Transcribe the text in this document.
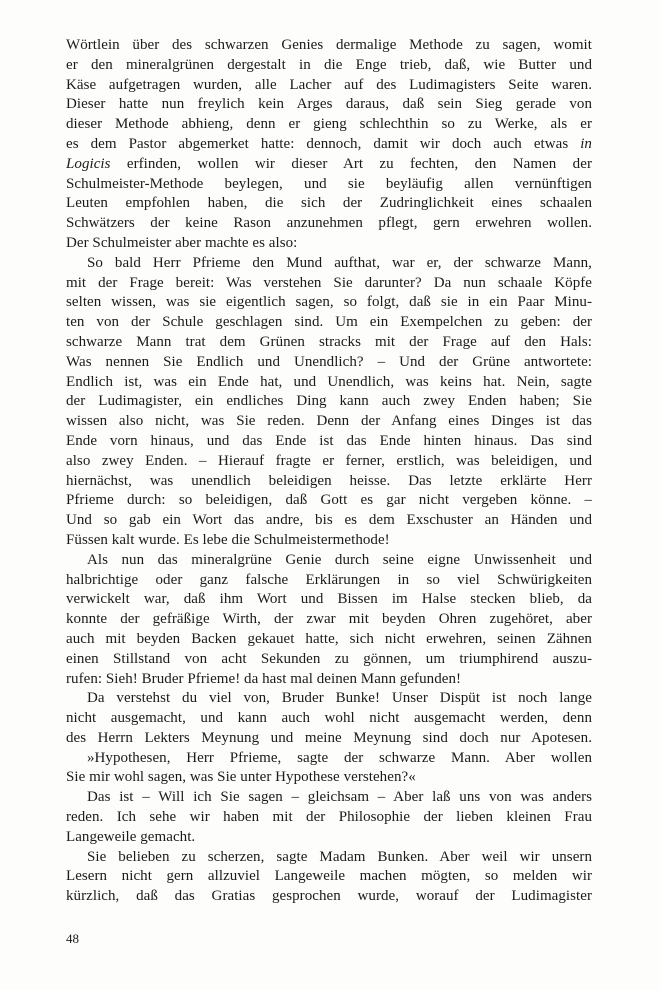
Wörtlein über des schwarzen Genies dermalige Methode zu sagen, womit
er den mineralgrünen dergestalt in die Enge trieb, daß, wie Butter und
Käse aufgetragen wurden, alle Lacher auf des Ludimagisters Seite waren.
Dieser hatte nun freylich kein Arges daraus, daß sein Sieg gerade von
dieser Methode abhieng, denn er gieng schlechthin so zu Werke, als er
es dem Pastor abgemerket hatte: dennoch, damit wir doch auch etwas in
Logicis erfinden, wollen wir dieser Art zu fechten, den Namen der
Schulmeister-Methode beylegen, und sie beyläufig allen vernünftigen
Leuten empfohlen haben, die sich der Zudringlichkeit eines schaalen
Schwätzers der keine Rason anzunehmen pflegt, gern erwehren wollen.
Der Schulmeister aber machte es also:
So bald Herr Pfrieme den Mund aufthat, war er, der schwarze Mann,
mit der Frage bereit: Was verstehen Sie darunter? Da nun schaale Köpfe
selten wissen, was sie eigentlich sagen, so folgt, daß sie in ein Paar Minu-
ten von der Schule geschlagen sind. Um ein Exempelchen zu geben: der
schwarze Mann trat dem Grünen stracks mit der Frage auf den Hals:
Was nennen Sie Endlich und Unendlich? – Und der Grüne antwortete:
Endlich ist, was ein Ende hat, und Unendlich, was keins hat. Nein, sagte
der Ludimagister, ein endliches Ding kann auch zwey Enden haben; Sie
wissen also nicht, was Sie reden. Denn der Anfang eines Dinges ist das
Ende vorn hinaus, und das Ende ist das Ende hinten hinaus. Das sind
also zwey Enden. – Hierauf fragte er ferner, erstlich, was beleidigen, und
hiernächst, was unendlich beleidigen heisse. Das letzte erklärte Herr
Pfrieme durch: so beleidigen, daß Gott es gar nicht vergeben könne. –
Und so gab ein Wort das andre, bis es dem Exschuster an Händen und
Füssen kalt wurde. Es lebe die Schulmeistermethode!
Als nun das mineralgrüne Genie durch seine eigne Unwissenheit und
halbrichtige oder ganz falsche Erklärungen in so viel Schwürigkeiten
verwickelt war, daß ihm Wort und Bissen im Halse stecken blieb, da
konnte der gefräßige Wirth, der zwar mit beyden Ohren zugehöret, aber
auch mit beyden Backen gekauet hatte, sich nicht erwehren, seinen Zähnen
einen Stillstand von acht Sekunden zu gönnen, um triumphirend auszu-
rufen: Sieh! Bruder Pfrieme! da hast mal deinen Mann gefunden!
Da verstehst du viel von, Bruder Bunke! Unser Dispüt ist noch lange
nicht ausgemacht, und kann auch wohl nicht ausgemacht werden, denn
des Herrn Lekters Meynung und meine Meynung sind doch nur Apotesen.
»Hypothesen, Herr Pfrieme, sagte der schwarze Mann. Aber wollen
Sie mir wohl sagen, was Sie unter Hypothese verstehen?«
Das ist – Will ich Sie sagen – gleichsam – Aber laß uns von was anders
reden. Ich sehe wir haben mit der Philosophie der lieben kleinen Frau
Langeweile gemacht.
Sie belieben zu scherzen, sagte Madam Bunken. Aber weil wir unsern
Lesern nicht gern allzuviel Langeweile machen mögten, so melden wir
kürzlich, daß das Gratias gesprochen wurde, worauf der Ludimagister
48
